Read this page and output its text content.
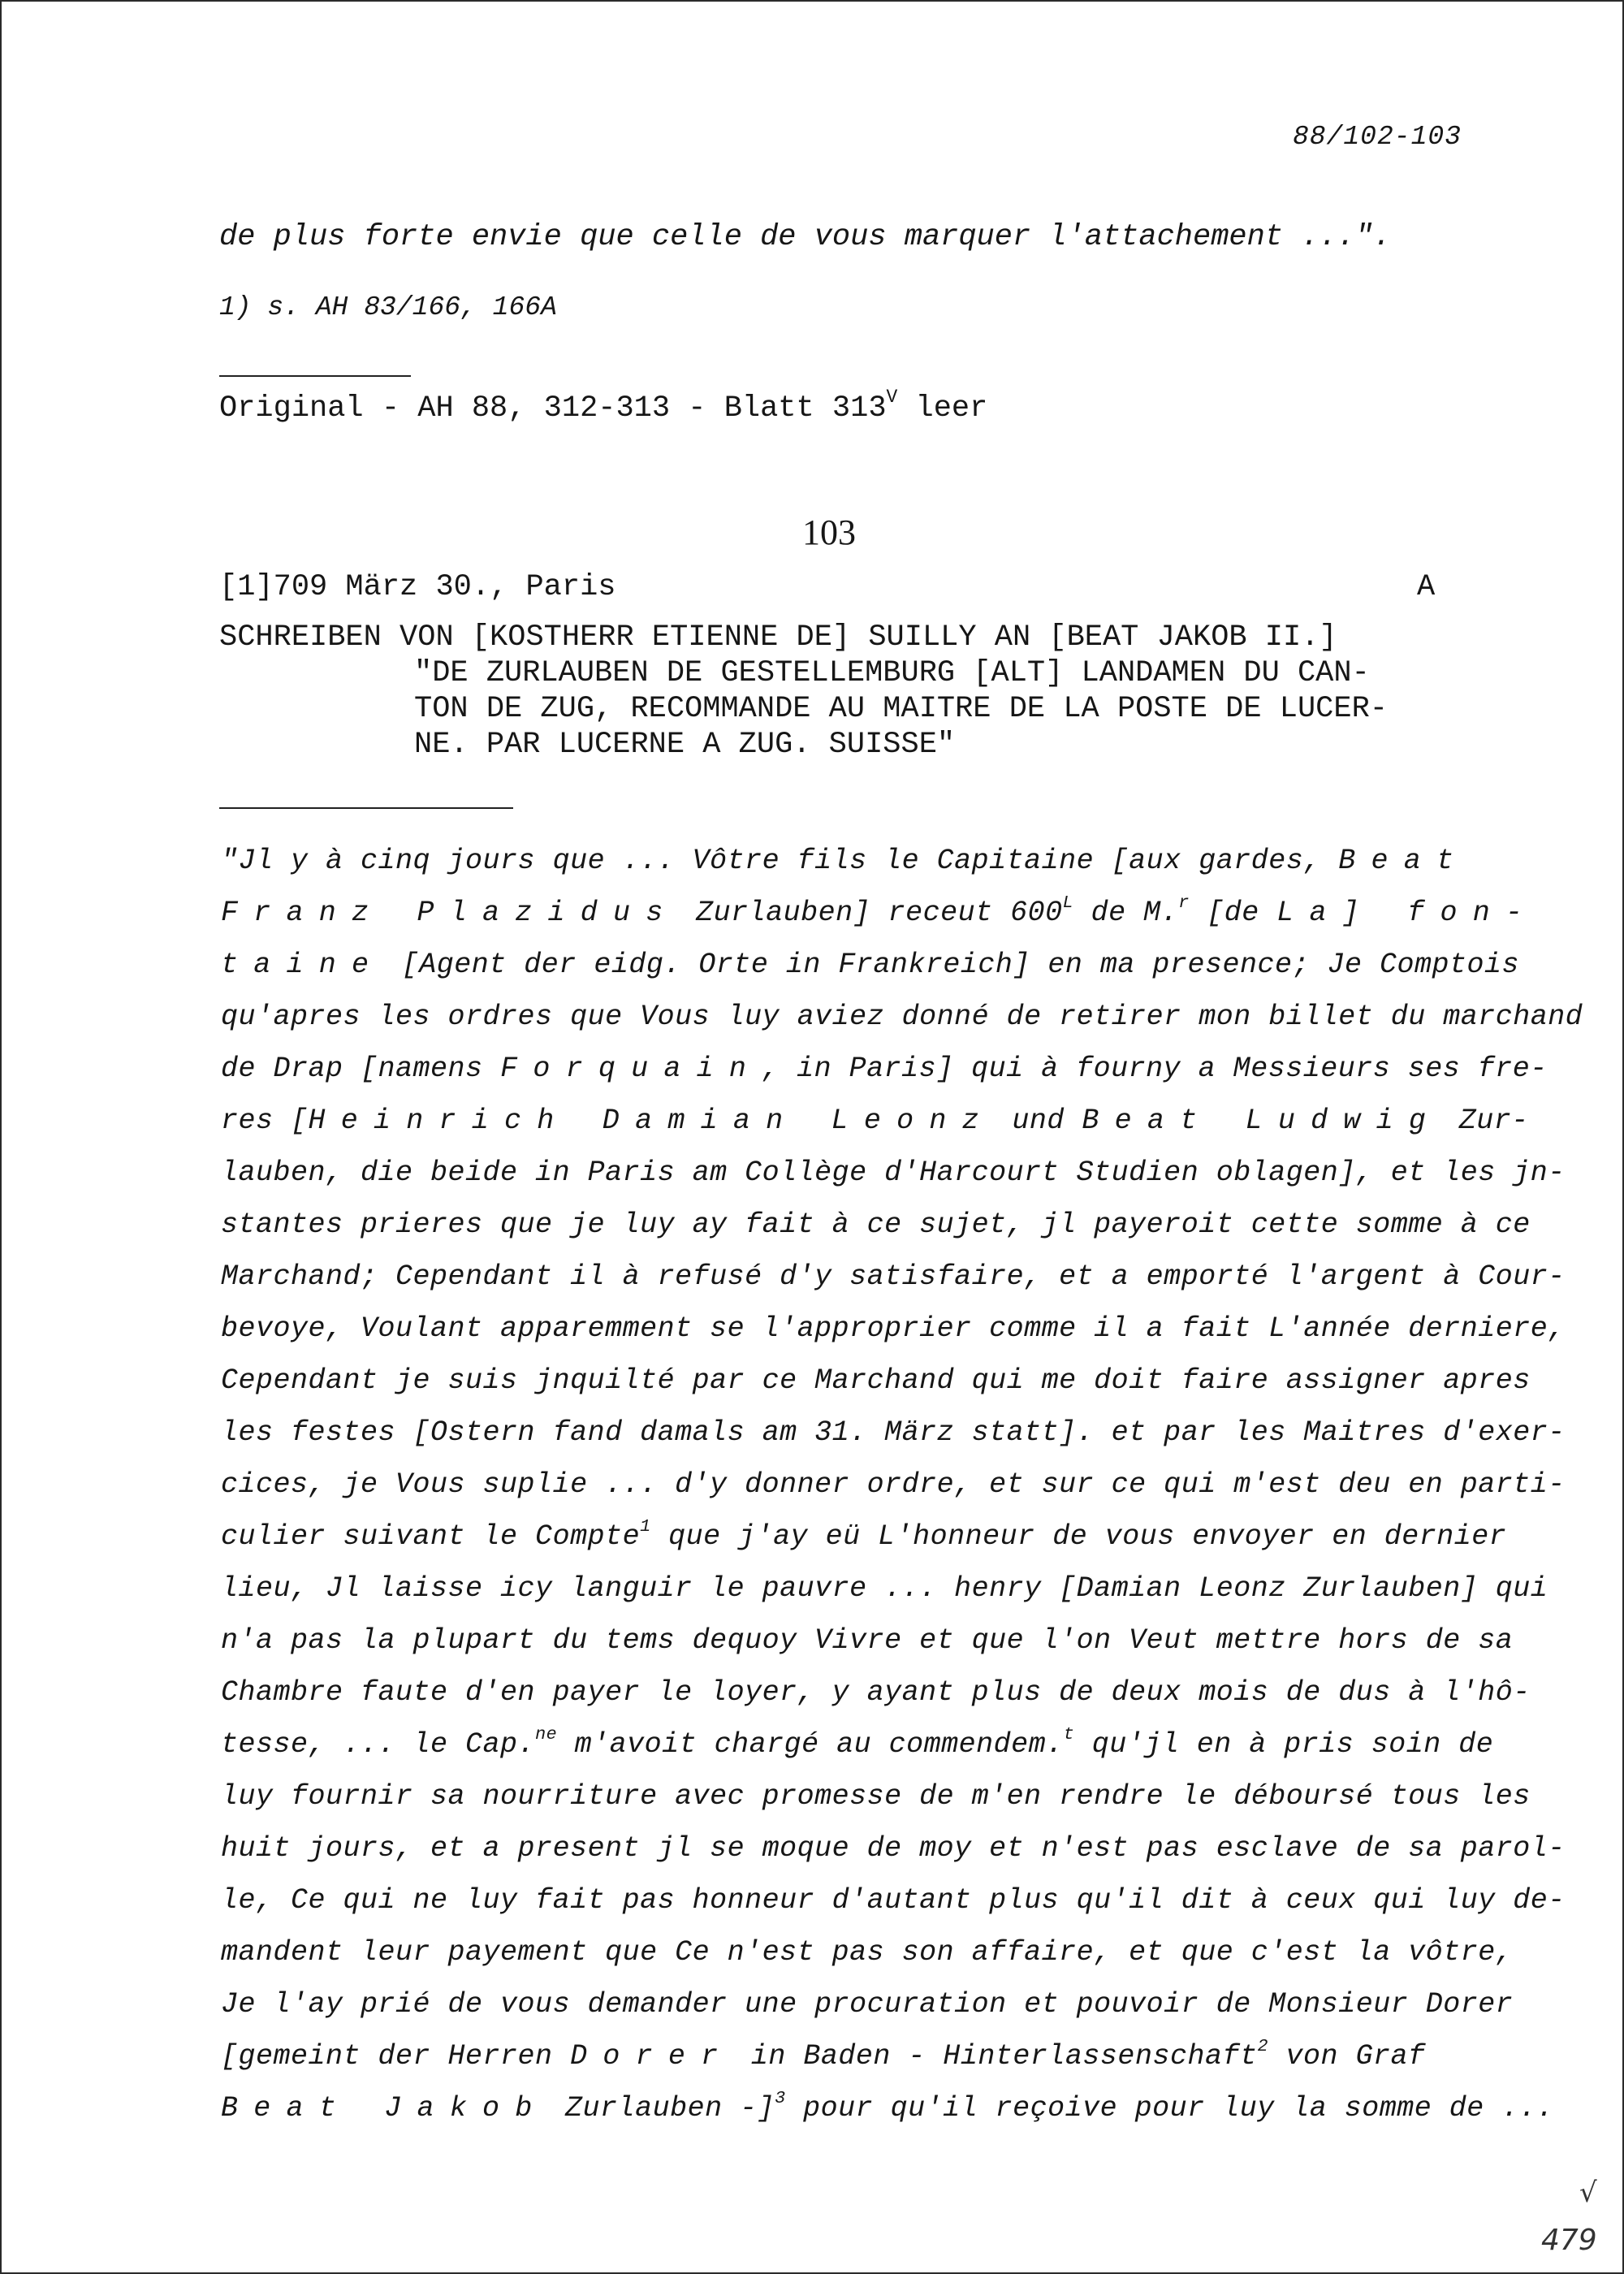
88/102-103
de plus forte envie que celle de vous marquer l'attachement ...".
1) s. AH 83/166, 166A
Original - AH 88, 312-313 - Blatt $313^V$ leer
103
[1]709 März 30., Paris	A
SCHREIBEN VON [KOSTHERR ETIENNE DE] SUILLY AN [BEAT JAKOB II.]
"DE ZURLAUBEN DE GESTELLEMBURG [ALT] LANDAMEN DU CAN-
TON DE ZUG, RECOMMANDE AU MAITRE DE LA POSTE DE LUCER-
NE. PAR LUCERNE A ZUG. SUISSE"
"Jl y à cinq jours que ... Vôtre fils le Capitaine [aux gardes, Beat
Franz Plazidus Zurlauben] receut $600^L$ de M.$^r$ [de La] fon-
taine [Agent der eidg. Orte in Frankreich] en ma presence; Je Comptois
qu'apres les ordres que Vous luy aviez donné de retirer mon billet du marchand
de Drap [namens Forquain, in Paris] qui à fourny a Messieurs ses fre-
res [Heinrich Damian Leonz und Beat Ludwig Zur-
lauben, die beide in Paris am Collège d'Harcourt Studien oblagen], et les jn-
stantes prieres que je luy ay fait à ce sujet, jl payeroit cette somme à ce
Marchand; Cependant il à refusé d'y satisfaire, et a emporté l'argent à Cour-
bevoye, Voulant apparemment se l'approprier comme il a fait L'année derniere,
Cependant je suis jnquilté par ce Marchand qui me doit faire assigner apres
les festes [Ostern fand damals am 31. März statt]. et par les Maitres d'exer-
cices, je Vous suplie ... d'y donner ordre, et sur ce qui m'est deu en parti-
culier suivant le Compte$^1$ que j'ay eü L'honneur de vous envoyer en dernier
lieu, Jl laisse icy languir le pauvre ... henry [Damian Leonz Zurlauben] qui
n'a pas la plupart du tems dequoy Vivre et que l'on Veut mettre hors de sa
Chambre faute d'en payer le loyer, y ayant plus de deux mois de dus à l'hô-
tesse, ... le Cap.$^{ne}$ m'avoit chargé au commendem.$^t$ qu'jl en à pris soin de
luy fournir sa nourriture avec promesse de m'en rendre le déboursé tous les
huit jours, et a present jl se moque de moy et n'est pas esclave de sa parol-
le, Ce qui ne luy fait pas honneur d'autant plus qu'il dit à ceux qui luy de-
mandent leur payement que Ce n'est pas son affaire, et que c'est la vôtre,
Je l'ay prié de vous demander une procuration et pouvoir de Monsieur Dorer
[gemeint der Herren Dorer in Baden - Hinterlassenschaft$^2$ von Graf
Beat Jakob Zurlauben -]$^3$ pour qu'il reçoive pour luy la somme de ...
√
479
